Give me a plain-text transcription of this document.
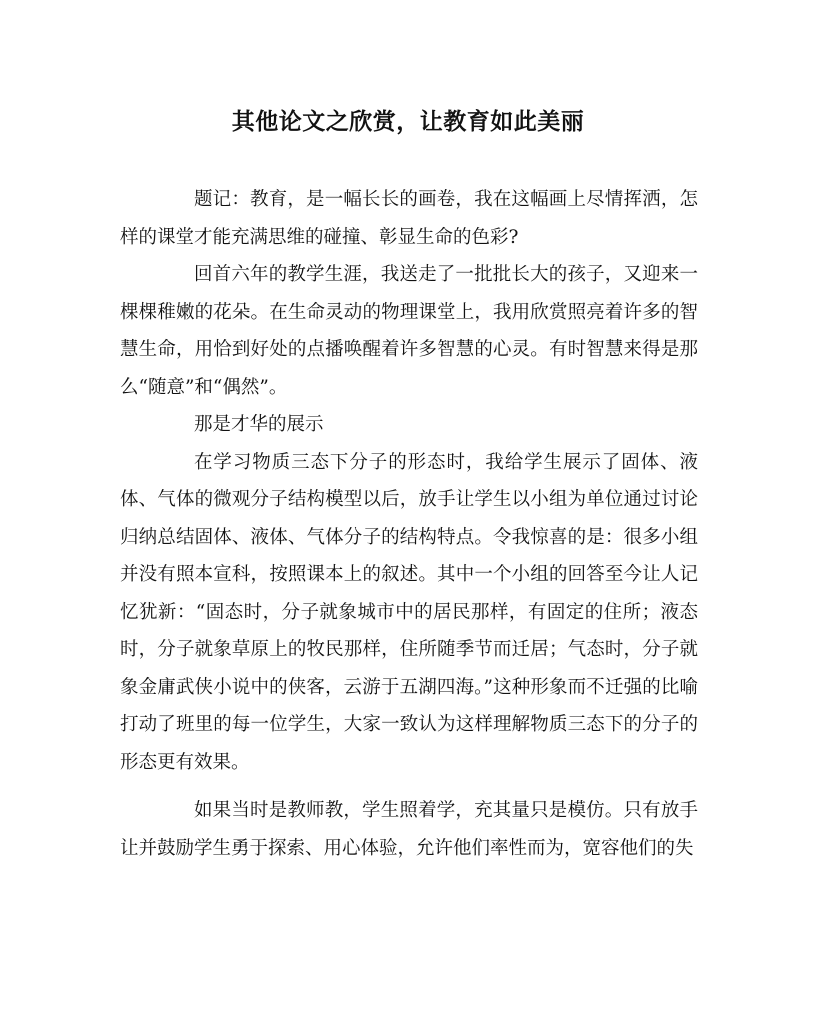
其他论文之欣赏，让教育如此美丽

题记：教育，是一幅长长的画卷，我在这幅画上尽情挥洒，怎样的课堂才能充满思维的碰撞、彰显生命的色彩?

回首六年的教学生涯，我送走了一批批长大的孩子，又迎来一棵棵稚嫩的花朵。在生命灵动的物理课堂上，我用欣赏照亮着许多的智慧生命，用恰到好处的点播唤醒着许多智慧的心灵。有时智慧来得是那么“随意”和“偶然”。

那是才华的展示

在学习物质三态下分子的形态时，我给学生展示了固体、液体、气体的微观分子结构模型以后，放手让学生以小组为单位通过讨论归纳总结固体、液体、气体分子的结构特点。令我惊喜的是：很多小组并没有照本宣科，按照课本上的叙述。其中一个小组的回答至今让人记忆犹新：“固态时，分子就象城市中的居民那样，有固定的住所；液态时，分子就象草原上的牧民那样，住所随季节而迁居；气态时，分子就象金庸武侠小说中的侠客，云游于五湖四海。”这种形象而不迁强的比喻打动了班里的每一位学生，大家一致认为这样理解物质三态下的分子的形态更有效果。

如果当时是教师教，学生照着学，充其量只是模仿。只有放手让并鼓励学生勇于探索、用心体验，允许他们率性而为，宽容他们的失
